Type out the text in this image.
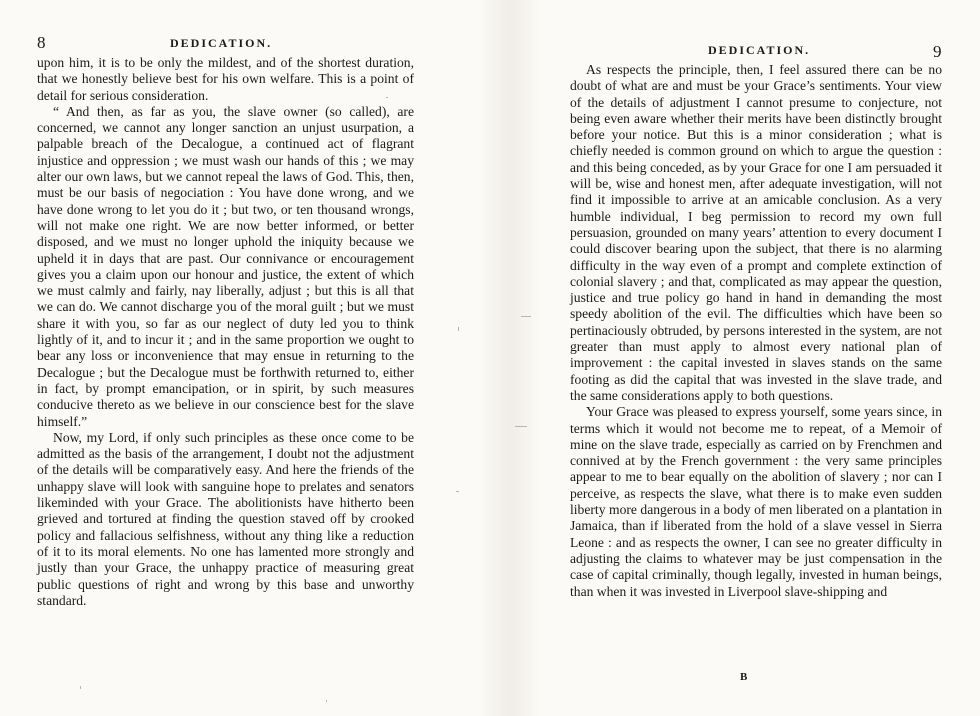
8	DEDICATION.

upon him, it is to be only the mildest, and of the shortest duration, that we honestly believe best for his own welfare. This is a point of detail for serious consideration.

“ And then, as far as you, the slave owner (so called), are concerned, we cannot any longer sanction an unjust usurpation, a palpable breach of the Decalogue, a continued act of flagrant injustice and oppression ; we must wash our hands of this ; we may alter our own laws, but we cannot repeal the laws of God. This, then, must be our basis of negociation : You have done wrong, and we have done wrong to let you do it ; but two, or ten thousand wrongs, will not make one right. We are now better informed, or better disposed, and we must no longer uphold the iniquity because we upheld it in days that are past. Our connivance or encouragement gives you a claim upon our honour and justice, the extent of which we must calmly and fairly, nay liberally, adjust ; but this is all that we can do. We cannot discharge you of the moral guilt ; but we must share it with you, so far as our neglect of duty led you to think lightly of it, and to incur it ; and in the same proportion we ought to bear any loss or inconvenience that may ensue in returning to the Decalogue ; but the Decalogue must be forthwith returned to, either in fact, by prompt emancipation, or in spirit, by such measures conducive thereto as we believe in our conscience best for the slave himself.”

Now, my Lord, if only such principles as these once come to be admitted as the basis of the arrangement, I doubt not the adjustment of the details will be comparatively easy. And here the friends of the unhappy slave will look with sanguine hope to prelates and senators likeminded with your Grace. The abolitionists have hitherto been grieved and tortured at finding the question staved off by crooked policy and fallacious selfishness, without any thing like a reduction of it to its moral elements. No one has lamented more strongly and justly than your Grace, the unhappy practice of measuring great public questions of right and wrong by this base and unworthy standard.

DEDICATION.	9

As respects the principle, then, I feel assured there can be no doubt of what are and must be your Grace’s sentiments. Your view of the details of adjustment I cannot presume to conjecture, not being even aware whether their merits have been distinctly brought before your notice. But this is a minor consideration ; what is chiefly needed is common ground on which to argue the question : and this being conceded, as by your Grace for one I am persuaded it will be, wise and honest men, after adequate investigation, will not find it impossible to arrive at an amicable conclusion. As a very humble individual, I beg permission to record my own full persuasion, grounded on many years’ attention to every document I could discover bearing upon the subject, that there is no alarming difficulty in the way even of a prompt and complete extinction of colonial slavery ; and that, complicated as may appear the question, justice and true policy go hand in hand in demanding the most speedy abolition of the evil. The difficulties which have been so pertinaciously obtruded, by persons interested in the system, are not greater than must apply to almost every national plan of improvement : the capital invested in slaves stands on the same footing as did the capital that was invested in the slave trade, and the same considerations apply to both questions.

Your Grace was pleased to express yourself, some years since, in terms which it would not become me to repeat, of a Memoir of mine on the slave trade, especially as carried on by Frenchmen and connived at by the French government : the very same principles appear to me to bear equally on the abolition of slavery ; nor can I perceive, as respects the slave, what there is to make even sudden liberty more dangerous in a body of men liberated on a plantation in Jamaica, than if liberated from the hold of a slave vessel in Sierra Leone : and as respects the owner, I can see no greater difficulty in adjusting the claims to whatever may be just compensation in the case of capital criminally, though legally, invested in human beings, than when it was invested in Liverpool slave-shipping and

B
